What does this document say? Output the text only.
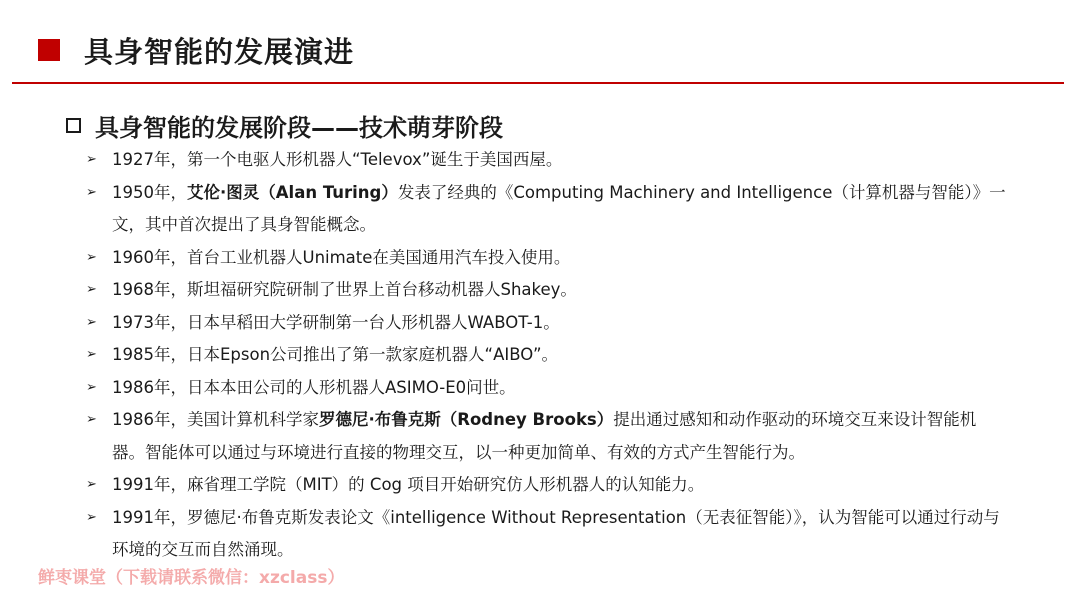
具身智能的发展演进
具身智能的发展阶段——技术萌芽阶段
➢ 1927年，第一个电驱人形机器人“Televox”诞生于美国西屋。
➢ 1950年，艾伦·图灵（Alan Turing）发表了经典的《Computing Machinery and Intelligence（计算机器与智能）》一文，其中首次提出了具身智能概念。
➢ 1960年，首台工业机器人Unimate在美国通用汽车投入使用。
➢ 1968年，斯坦福研究院研制了世界上首台移动机器人Shakey。
➢ 1973年，日本早稻田大学研制第一台人形机器人WABOT-1。
➢ 1985年，日本Epson公司推出了第一款家庭机器人“AIBO”。
➢ 1986年，日本本田公司的人形机器人ASIMO-E0问世。
➢ 1986年，美国计算机科学家罗德尼·布鲁克斯（Rodney Brooks）提出通过感知和动作驱动的环境交互来设计智能机器。智能体可以通过与环境进行直接的物理交互，以一种更加简单、有效的方式产生智能行为。
➢ 1991年，麻省理工学院（MIT）的 Cog 项目开始研究仿人形机器人的认知能力。
➢ 1991年，罗德尼·布鲁克斯发表论文《intelligence Without Representation（无表征智能）》，认为智能可以通过行动与环境的交互而自然涌现。
鲜枣课堂（下载请联系微信：xzclass）
